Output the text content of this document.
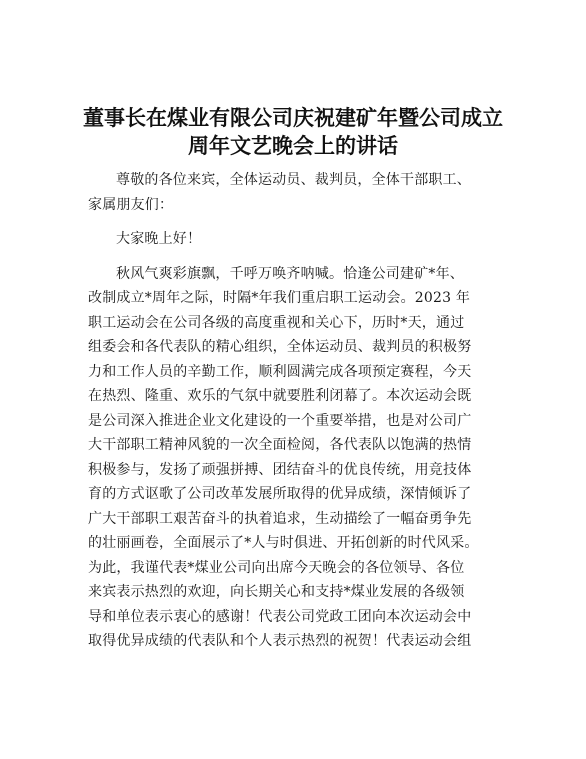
董事长在煤业有限公司庆祝建矿年暨公司成立
周年文艺晚会上的讲话
尊敬的各位来宾，全体运动员、裁判员，全体干部职工、
家属朋友们：
大家晚上好！
秋风气爽彩旗飘，千呼万唤齐呐喊。恰逢公司建矿*年、
改制成立*周年之际，时隔*年我们重启职工运动会。2023 年
职工运动会在公司各级的高度重视和关心下，历时*天，通过
组委会和各代表队的精心组织，全体运动员、裁判员的积极努
力和工作人员的辛勤工作，顺利圆满完成各项预定赛程，今天
在热烈、隆重、欢乐的气氛中就要胜利闭幕了。本次运动会既
是公司深入推进企业文化建设的一个重要举措，也是对公司广
大干部职工精神风貌的一次全面检阅，各代表队以饱满的热情
积极参与，发扬了顽强拼搏、团结奋斗的优良传统，用竞技体
育的方式讴歌了公司改革发展所取得的优异成绩，深情倾诉了
广大干部职工艰苦奋斗的执着追求，生动描绘了一幅奋勇争先
的壮丽画卷，全面展示了*人与时俱进、开拓创新的时代风采。
为此，我谨代表*煤业公司向出席今天晚会的各位领导、各位
来宾表示热烈的欢迎，向长期关心和支持*煤业发展的各级领
导和单位表示衷心的感谢！代表公司党政工团向本次运动会中
取得优异成绩的代表队和个人表示热烈的祝贺！代表运动会组
